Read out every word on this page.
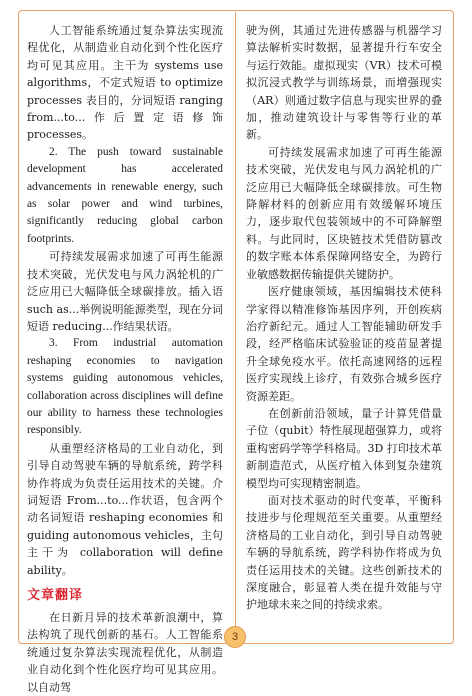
人工智能系统通过复杂算法实现流程优化，从制造业自动化到个性化医疗均可见其应用。主干为 systems use algorithms，不定式短语 to optimize processes 表目的，分词短语 ranging from...to...作后置定语修饰 processes。

2. The push toward sustainable development has accelerated advancements in renewable energy, such as solar power and wind turbines, significantly reducing global carbon footprints.

可持续发展需求加速了可再生能源技术突破，光伏发电与风力涡轮机的广泛应用已大幅降低全球碳排放。插入语 such as...举例说明能源类型，现在分词短语 reducing...作结果状语。

3. From industrial automation reshaping economies to navigation systems guiding autonomous vehicles, collaboration across disciplines will define our ability to harness these technologies responsibly.

从重塑经济格局的工业自动化，到引导自动驾驶车辆的导航系统，跨学科协作将成为负责任运用技术的关键。介词短语 From...to...作状语，包含两个动名词短语 reshaping economies 和 guiding autonomous vehicles，主句主干为 collaboration will define ability。

文章翻译

在日新月异的技术革新浪潮中，算法构筑了现代创新的基石。人工智能系统通过复杂算法实现流程优化，从制造业自动化到个性化医疗均可见其应用。以自动驾

驶为例，其通过先进传感器与机器学习算法解析实时数据，显著提升行车安全与运行效能。虚拟现实（VR）技术可模拟沉浸式教学与训练场景，而增强现实（AR）则通过数字信息与现实世界的叠加，推动建筑设计与零售等行业的革新。

可持续发展需求加速了可再生能源技术突破，光伏发电与风力涡轮机的广泛应用已大幅降低全球碳排放。可生物降解材料的创新应用有效缓解环境压力，逐步取代包装领域中的不可降解塑料。与此同时，区块链技术凭借防篡改的数字账本体系保障网络安全，为跨行业敏感数据传输提供关键防护。

医疗健康领域，基因编辑技术使科学家得以精准修饰基因序列，开创疾病治疗新纪元。通过人工智能辅助研发手段，经严格临床试验验证的疫苗显著提升全球免疫水平。依托高速网络的远程医疗实现线上诊疗，有效弥合城乡医疗资源差距。

在创新前沿领域，量子计算凭借量子位（qubit）特性展现超强算力，或将重构密码学等学科格局。3D 打印技术革新制造范式，从医疗植入体到复杂建筑模型均可实现精密制造。

面对技术驱动的时代变革，平衡科技进步与伦理规范至关重要。从重塑经济格局的工业自动化，到引导自动驾驶车辆的导航系统，跨学科协作将成为负责任运用技术的关键。这些创新技术的深度融合，彰显着人类在提升效能与守护地球未来之间的持续求索。

3
